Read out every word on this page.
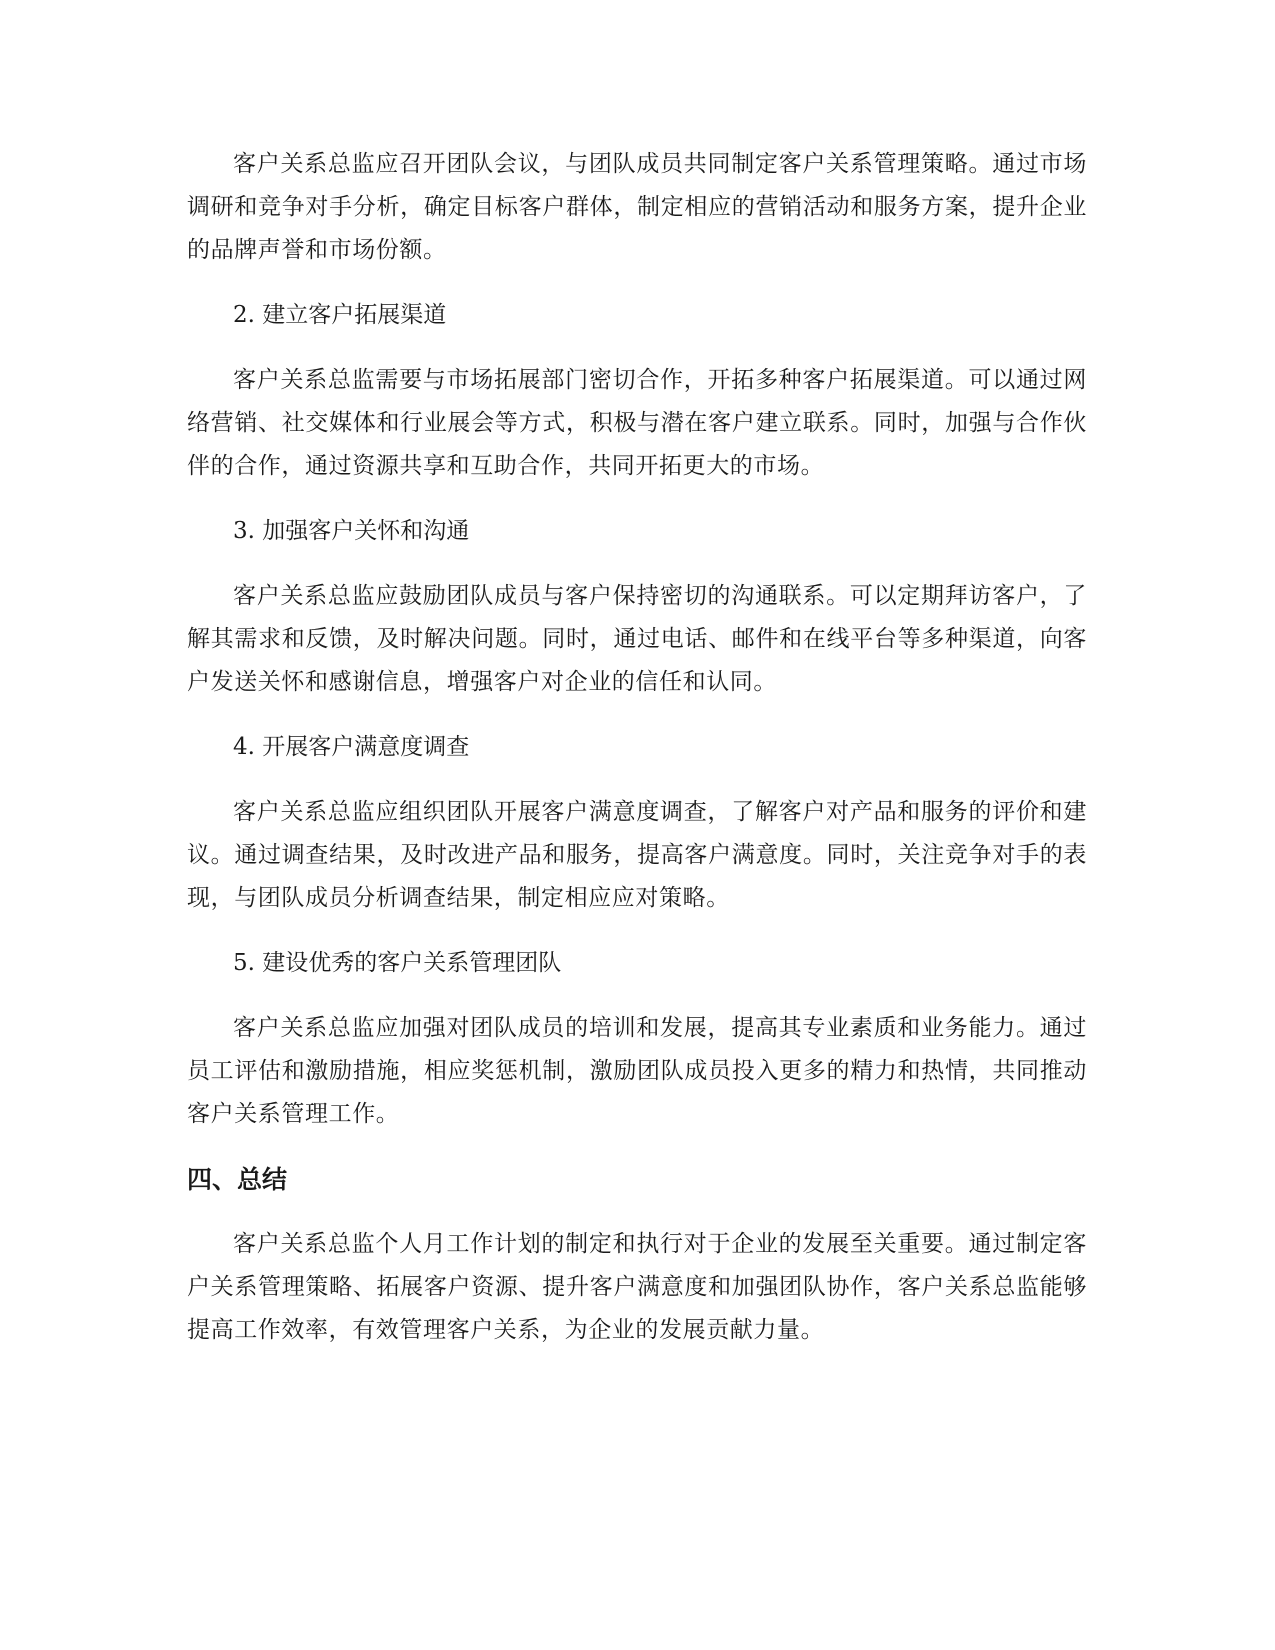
客户关系总监应召开团队会议，与团队成员共同制定客户关系管理策略。通过市场调研和竞争对手分析，确定目标客户群体，制定相应的营销活动和服务方案，提升企业的品牌声誉和市场份额。

2. 建立客户拓展渠道

客户关系总监需要与市场拓展部门密切合作，开拓多种客户拓展渠道。可以通过网络营销、社交媒体和行业展会等方式，积极与潜在客户建立联系。同时，加强与合作伙伴的合作，通过资源共享和互助合作，共同开拓更大的市场。

3. 加强客户关怀和沟通

客户关系总监应鼓励团队成员与客户保持密切的沟通联系。可以定期拜访客户，了解其需求和反馈，及时解决问题。同时，通过电话、邮件和在线平台等多种渠道，向客户发送关怀和感谢信息，增强客户对企业的信任和认同。

4. 开展客户满意度调查

客户关系总监应组织团队开展客户满意度调查，了解客户对产品和服务的评价和建议。通过调查结果，及时改进产品和服务，提高客户满意度。同时，关注竞争对手的表现，与团队成员分析调查结果，制定相应应对策略。

5. 建设优秀的客户关系管理团队

客户关系总监应加强对团队成员的培训和发展，提高其专业素质和业务能力。通过员工评估和激励措施，相应奖惩机制，激励团队成员投入更多的精力和热情，共同推动客户关系管理工作。

四、总结

客户关系总监个人月工作计划的制定和执行对于企业的发展至关重要。通过制定客户关系管理策略、拓展客户资源、提升客户满意度和加强团队协作，客户关系总监能够提高工作效率，有效管理客户关系，为企业的发展贡献力量。
